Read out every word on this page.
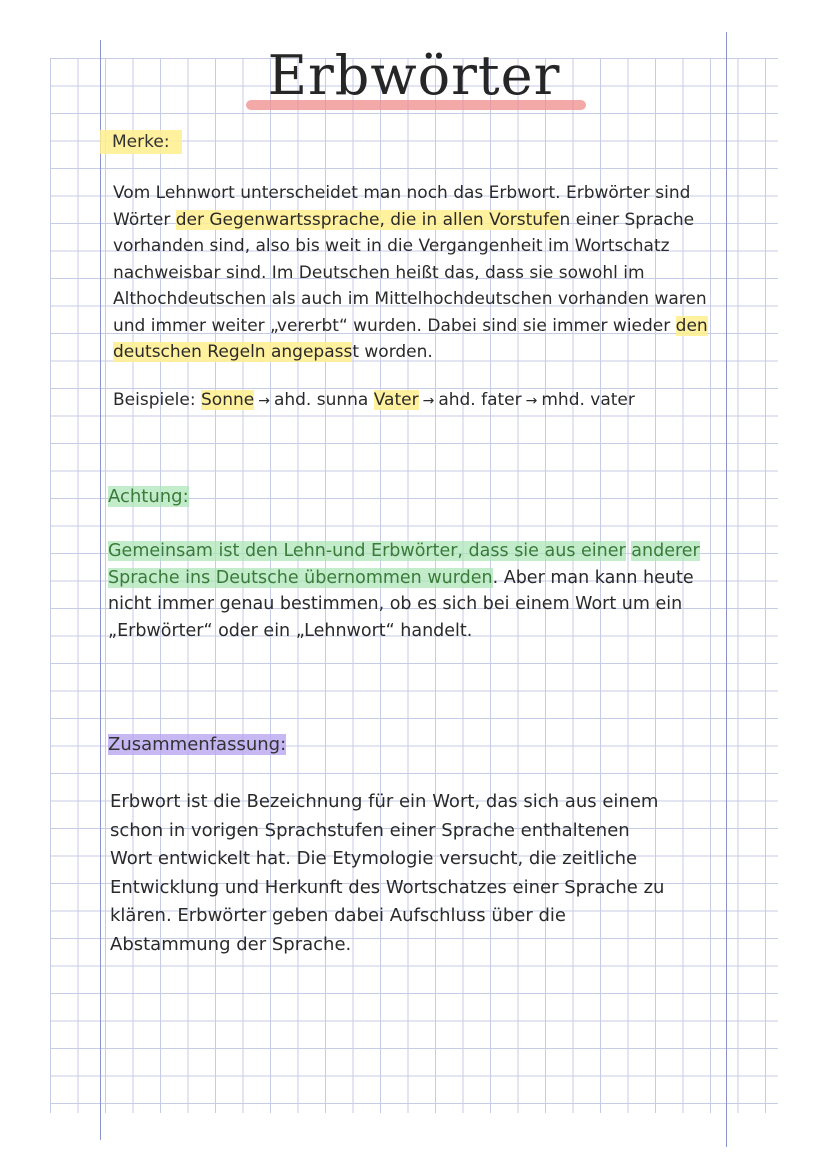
Erbwörter
Merke:
Vom Lehnwort unterscheidet man noch das Erbwort. Erbwörter sind Wörter der Gegenwartssprache, die in allen Vorstufen einer Sprache vorhanden sind, also bis weit in die Vergangenheit im Wortschatz nachweisbar sind. Im Deutschen heißt das, dass sie sowohl im Althochdeutschen als auch im Mittelhochdeutschen vorhanden waren und immer weiter „vererbt“ wurden. Dabei sind sie immer wieder den deutschen Regeln angepasst worden.
Beispiele: Sonne → ahd. sunna Vater → ahd. fater → mhd. vater
Achtung:
Gemeinsam ist den Lehn-und Erbwörter, dass sie aus einer anderer Sprache ins Deutsche übernommen wurden. Aber man kann heute nicht immer genau bestimmen, ob es sich bei einem Wort um ein „Erbwörter“ oder ein „Lehnwort“ handelt.
Zusammenfassung:
Erbwort ist die Bezeichnung für ein Wort, das sich aus einem schon in vorigen Sprachstufen einer Sprache enthaltenen Wort entwickelt hat. Die Etymologie versucht, die zeitliche Entwicklung und Herkunft des Wortschatzes einer Sprache zu klären. Erbwörter geben dabei Aufschluss über die Abstammung der Sprache.
